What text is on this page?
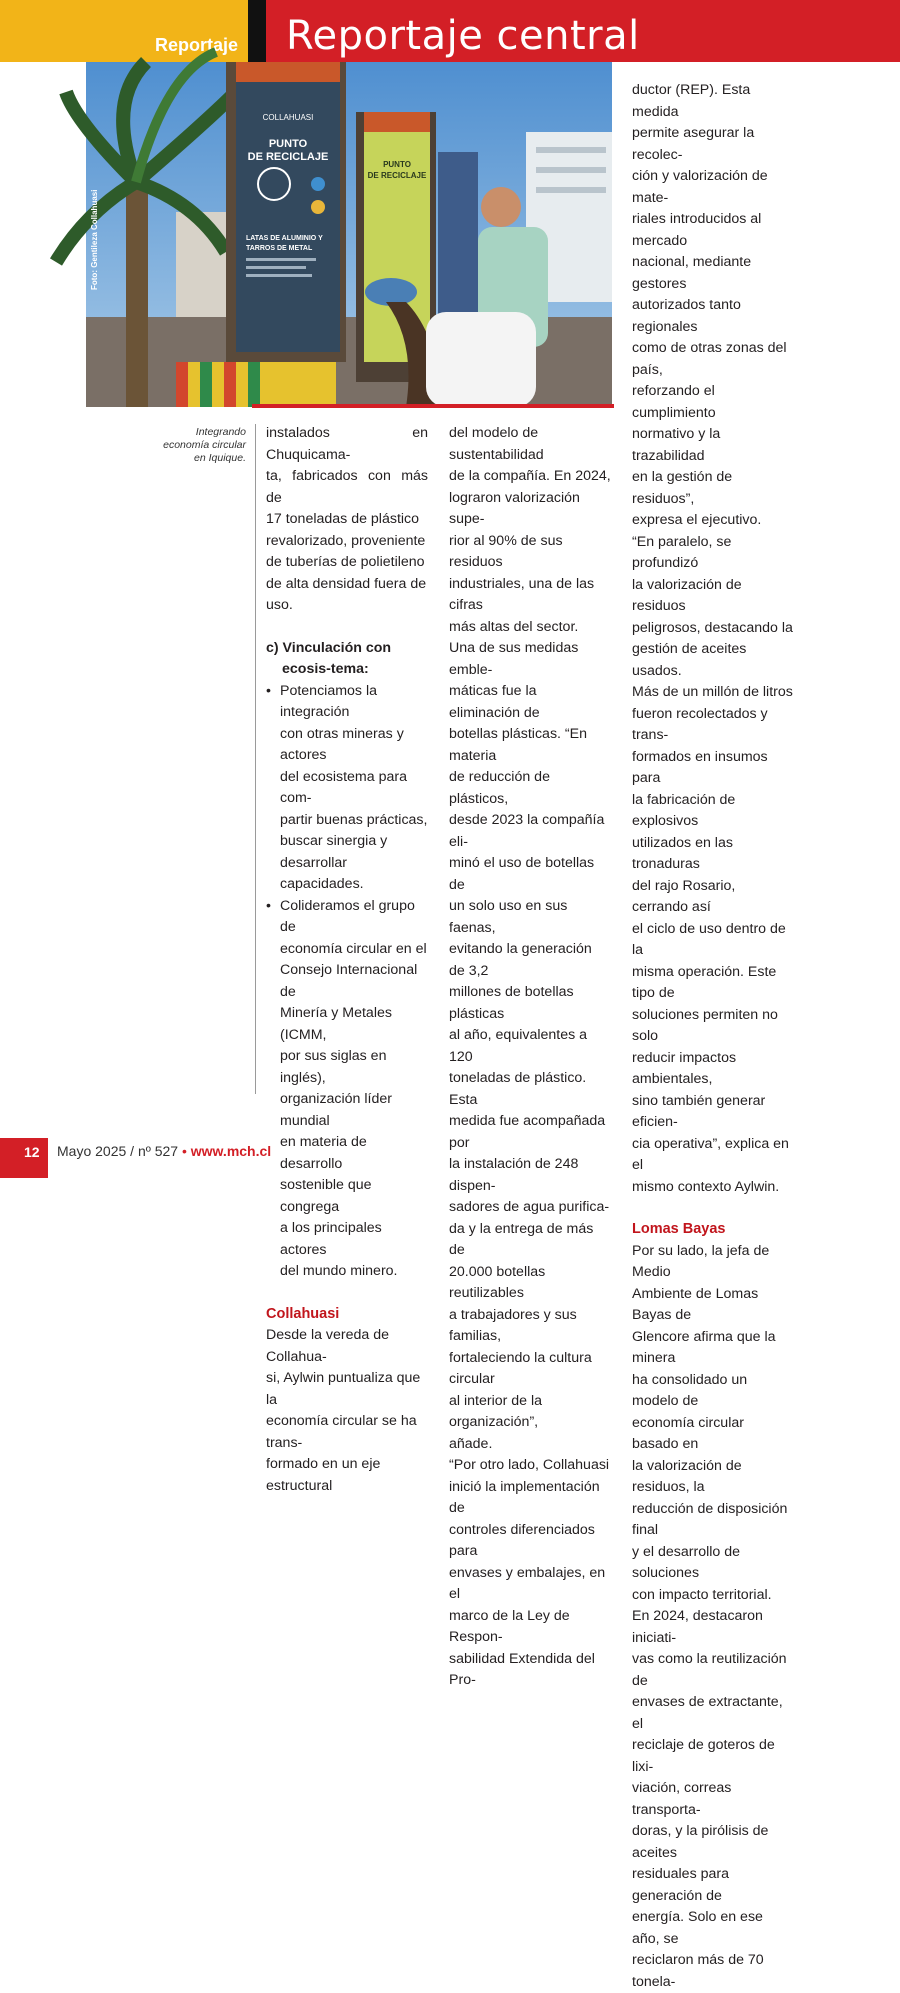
Reportaje Reportaje central
COLLAHUASI
PUNTO
DE RECICLAJE
LATAS DE ALUMINIO Y
TARROS DE METAL
PUNTO
DE RECICLAJE
Foto: Gentileza Collahuasi
Integrando economía circular en Iquique.

instalados en Chuquicama-

ta, fabricados con más de

17 toneladas de plástico

revalorizado, proveniente

de tuberías de polietileno

de alta densidad fuera de

uso.

c) Vinculación con ecosis-tema:

• Potenciamos la integración

con otras mineras y actores

del ecosistema para com-

partir buenas prácticas,

buscar sinergia y desarrollar

capacidades.

• Colideramos el grupo de

economía circular en el

Consejo Internacional de

Minería y Metales (ICMM,

por sus siglas en inglés),

organización líder mundial

en materia de desarrollo

sostenible que congrega

a los principales actores

del mundo minero.

Collahuasi

Desde la vereda de Collahua-

si, Aylwin puntualiza que la

economía circular se ha trans-

formado en un eje estructural

del modelo de sustentabilidad

de la compañía. En 2024,

lograron valorización supe-

rior al 90% de sus residuos

industriales, una de las cifras

más altas del sector.

Una de sus medidas emble-

máticas fue la eliminación de

botellas plásticas. “En materia

de reducción de plásticos,

desde 2023 la compañía eli-

minó el uso de botellas de

un solo uso en sus faenas,

evitando la generación de 3,2

millones de botellas plásticas

al año, equivalentes a 120

toneladas de plástico. Esta

medida fue acompañada por

la instalación de 248 dispen-

sadores de agua purifica-

da y la entrega de más de

20.000 botellas reutilizables

a trabajadores y sus familias,

fortaleciendo la cultura circular

al interior de la organización”,

añade.

“Por otro lado, Collahuasi

inició la implementación de

controles diferenciados para

envases y embalajes, en el

marco de la Ley de Respon-

sabilidad Extendida del Pro-

ductor (REP). Esta medida

permite asegurar la recolec-

ción y valorización de mate-

riales introducidos al mercado

nacional, mediante gestores

autorizados tanto regionales

como de otras zonas del país,

reforzando el cumplimiento

normativo y la trazabilidad

en la gestión de residuos”,

expresa el ejecutivo.

“En paralelo, se profundizó

la valorización de residuos

peligrosos, destacando la

gestión de aceites usados.

Más de un millón de litros

fueron recolectados y trans-

formados en insumos para

la fabricación de explosivos

utilizados en las tronaduras

del rajo Rosario, cerrando así

el ciclo de uso dentro de la

misma operación. Este tipo de

soluciones permiten no solo

reducir impactos ambientales,

sino también generar eficien-

cia operativa”, explica en el

mismo contexto Aylwin.

Lomas Bayas

Por su lado, la jefa de Medio

Ambiente de Lomas Bayas de

Glencore afirma que la minera

ha consolidado un modelo de

economía circular basado en

la valorización de residuos, la

reducción de disposición final

y el desarrollo de soluciones

con impacto territorial.

En 2024, destacaron iniciati-

vas como la reutilización de

envases de extractante, el

reciclaje de goteros de lixi-

viación, correas transporta-

doras, y la pirólisis de aceites

residuales para generación de

energía. Solo en ese año, se

reciclaron más de 70 tonela-

12 Mayo 2025 / nº 527 • www.mch.cl
